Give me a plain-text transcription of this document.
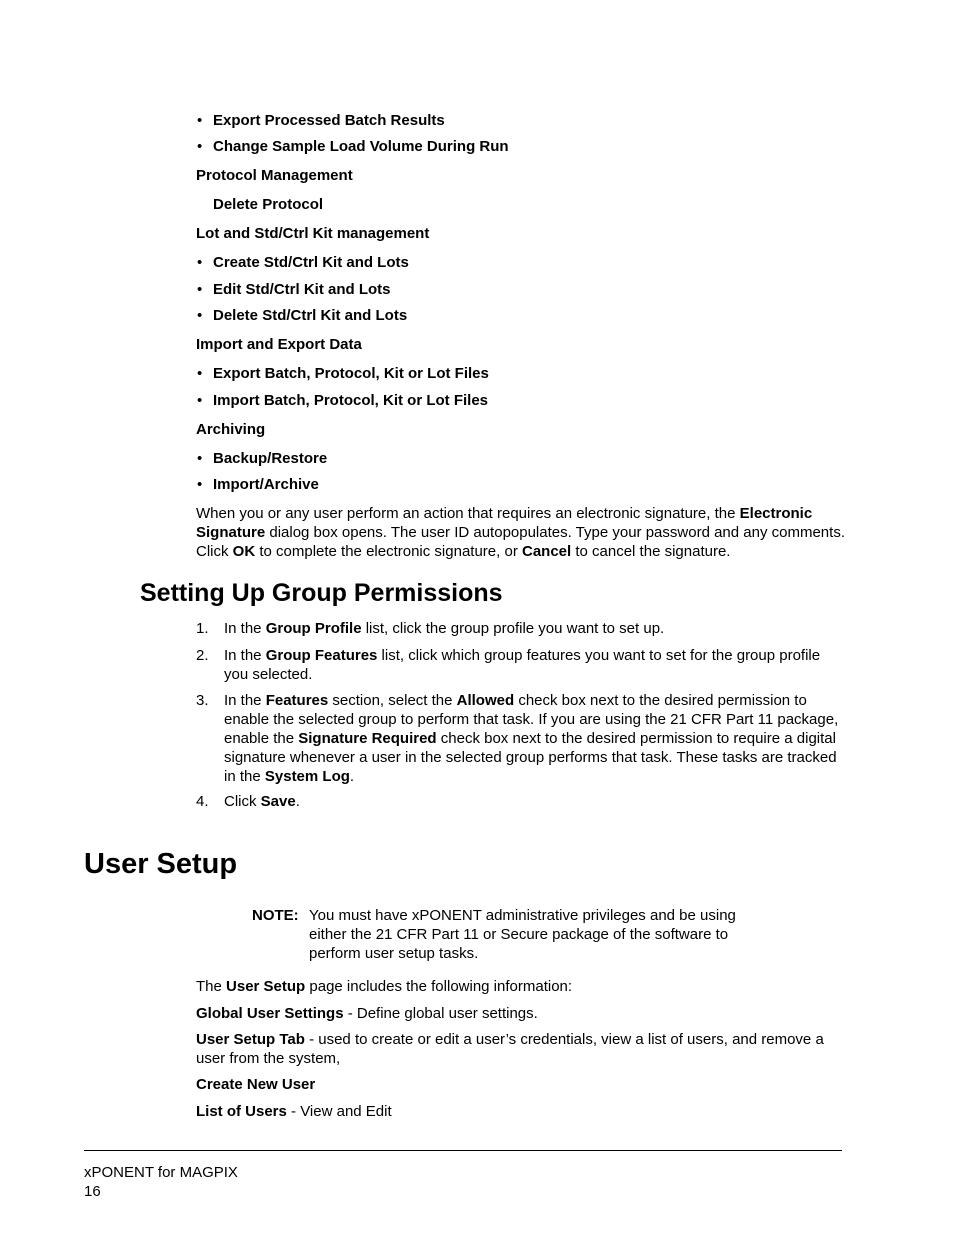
• Export Processed Batch Results
• Change Sample Load Volume During Run
Protocol Management
Delete Protocol
Lot and Std/Ctrl Kit management
• Create Std/Ctrl Kit and Lots
• Edit Std/Ctrl Kit and Lots
• Delete Std/Ctrl Kit and Lots
Import and Export Data
• Export Batch, Protocol, Kit or Lot Files
• Import Batch, Protocol, Kit or Lot Files
Archiving
• Backup/Restore
• Import/Archive
When you or any user perform an action that requires an electronic signature, the Electronic Signature dialog box opens. The user ID autopopulates. Type your password and any comments. Click OK to complete the electronic signature, or Cancel to cancel the signature.
Setting Up Group Permissions
1. In the Group Profile list, click the group profile you want to set up.
2. In the Group Features list, click which group features you want to set for the group profile you selected.
3. In the Features section, select the Allowed check box next to the desired permission to enable the selected group to perform that task. If you are using the 21 CFR Part 11 package, enable the Signature Required check box next to the desired permission to require a digital signature whenever a user in the selected group performs that task. These tasks are tracked in the System Log.
4. Click Save.
User Setup
NOTE: You must have xPONENT administrative privileges and be using
either the 21 CFR Part 11 or Secure package of the software to
perform user setup tasks.
The User Setup page includes the following information:
Global User Settings - Define global user settings.
User Setup Tab - used to create or edit a user’s credentials, view a list of users, and remove a user from the system,
Create New User
List of Users - View and Edit
xPONENT for MAGPIX
16
